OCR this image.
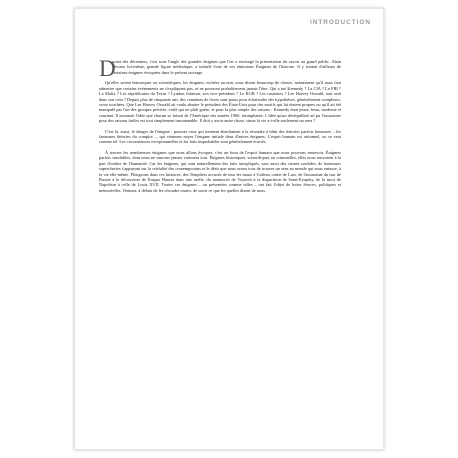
INTRODUCTION
D

urant des décennies, c'est sous l'angle des grandes énigmes que l'on a envisagé la présentation du savoir au grand public. Alain Decaux lui-même, grande figure médiatique, a intitulé l'une de ses émissions Énigmes de l'histoire. Il y traitait d'ailleurs de certaines énigmes évoquées dans le présent ouvrage.

Qu'elles soient historiques ou scientifiques, les énigmes, nichées au non, nous disent beaucoup de choses, notamment qu'il nous faut admettre que certains événements ne s'expliquent pas, et ne pourront probablement jamais l'être. Qui a tué Kennedy ? La CIA ? Le FBI ? La Mafia ? Les républicains du Texas ? Lyndon Johnson, son vice-président ? Le KGB ? Les castristes ? Lee Harvey Oswald, tout seul dans son coin ? Depuis plus de cinquante ans, des centaines de livres sont parus pour échafauder des hypothèses, généralement complexes, voire touchées. Que Lee Harvey Oswald ait voulu abattre le président des États-Unis pour des motifs qui lui étaient propres ou qu'il ait été manipulé par l'un des groupes précités, voilà qui ne plaît guère, et pour la plus simple des raisons : Kennedy était jeune, beau, moderne et souriant. Il incarnait l'idée que chacun se faisait de l'Amérique des années 1960, triomphante. L'idée qu'un déséquilibré ait pu l'assassiner pour des raisons futiles est tout simplement insoutenable. Il doit y avoir autre chose, sinon la vie a-t-elle seulement un sens ?

C'est là, aussi, le danger de l'énigme : pousser ceux qui tiennent absolument à la résoudre à bâtir des théories parfois fumeuses – les fameuses théories du complot –, qui viennent noyer l'énigme initiale dans d'autres énigmes. L'esprit humain est rationnel, ou se veut comme tel. Les circonstances exceptionnelles et les faits improbables sont généralement écartés.

À travers les nombreuses énigmes que nous allons évoquer, c'est un bout de l'esprit humain que nous pouvons entrevoir. Énigmes parfois insolubles, dont nous ne saurons jamais vraiment tout. Énigmes historiques, scientifiques ou criminelles, elles nous renvoient à la part d'ombre de l'humanité. Car les énigmes, qui sont naturellement des faits inexpliqués, sont aussi des crimes sordides, de honteuses supercheries s'appuyant sur la crédulité des contemporains et le désir que nous avons tous de trouver un sens au monde qui nous entoure, à la vie elle-même. Plongeons dans ces histoires, des Templiers accusés de tous les maux à l'odieux crime de Lurs, de l'assassinat du tsar de Russie à la découverte de Kaspar Hauser dans une ruelle, du manuscrit de Voynich à la disparition de Saint-Exupéry, de la mort de Napoléon à celle de Louis XVII. Toutes ces énigmes – ou présentées comme telles – ont fait l'objet de luttes féroces, politiques et mémorielles. Tentons, à défaut de les résoudre toutes, de sortir ce que les quelles disent de nous.
